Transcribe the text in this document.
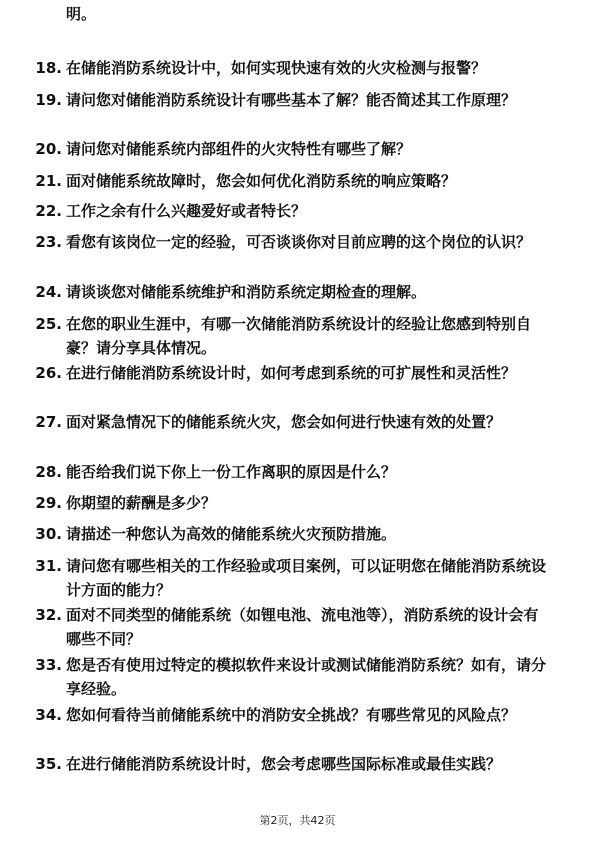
明。
18. 在储能消防系统设计中，如何实现快速有效的火灾检测与报警？
19. 请问您对储能消防系统设计有哪些基本了解？能否简述其工作原理？
20. 请问您对储能系统内部组件的火灾特性有哪些了解？
21. 面对储能系统故障时，您会如何优化消防系统的响应策略？
22. 工作之余有什么兴趣爱好或者特长？
23. 看您有该岗位一定的经验，可否谈谈你对目前应聘的这个岗位的认识？
24. 请谈谈您对储能系统维护和消防系统定期检查的理解。
25. 在您的职业生涯中，有哪一次储能消防系统设计的经验让您感到特别自豪？请分享具体情况。
26. 在进行储能消防系统设计时，如何考虑到系统的可扩展性和灵活性？
27. 面对紧急情况下的储能系统火灾，您会如何进行快速有效的处置？
28. 能否给我们说下你上一份工作离职的原因是什么？
29. 你期望的薪酬是多少？
30. 请描述一种您认为高效的储能系统火灾预防措施。
31. 请问您有哪些相关的工作经验或项目案例，可以证明您在储能消防系统设计方面的能力？
32. 面对不同类型的储能系统（如锂电池、流电池等），消防系统的设计会有哪些不同？
33. 您是否有使用过特定的模拟软件来设计或测试储能消防系统？如有，请分享经验。
34. 您如何看待当前储能系统中的消防安全挑战？有哪些常见的风险点？
35. 在进行储能消防系统设计时，您会考虑哪些国际标准或最佳实践？
第2页，共42页
